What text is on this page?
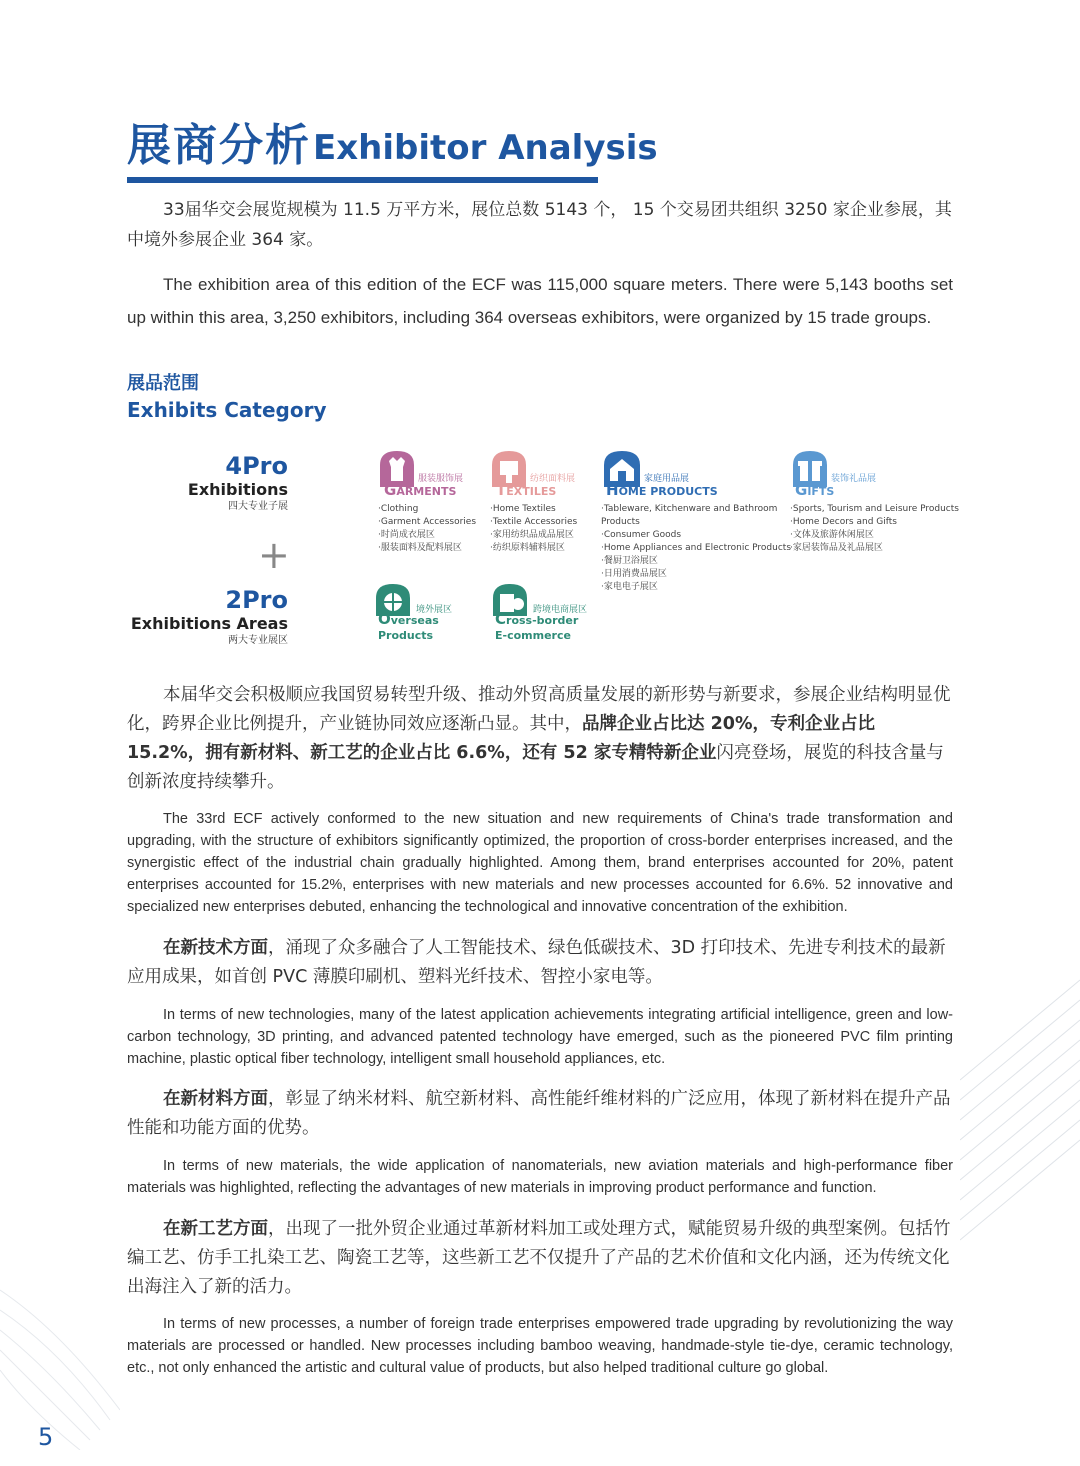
展商分析 Exhibitor Analysis
33届华交会展览规模为 11.5 万平方米，展位总数 5143 个， 15 个交易团共组织 3250 家企业参展，其中境外参展企业 364 家。
The exhibition area of this edition of the ECF was 115,000 square meters. There were 5,143 booths set up within this area, 3,250 exhibitors, including 364 overseas exhibitors, were organized by 15 trade groups.
展品范围
Exhibits Category
4Pro
Exhibitions
四大专业子展
+
2Pro
Exhibitions Areas
两大专业展区
服装服饰展
GARMENTS
·Clothing
·Garment Accessories
·时尚成衣展区
·服装面料及配料展区
纺织面料展
TEXTILES
·Home Textiles
·Textile Accessories
·家用纺织品成品展区
·纺织原料辅料展区
家庭用品展
HOME PRODUCTS
·Tableware, Kitchenware and Bathroom
Products
·Consumer Goods
·Home Appliances and Electronic Products
·餐厨卫浴展区
·日用消费品展区
·家电电子展区
装饰礼品展
GIFTS
·Sports, Tourism and Leisure Products
·Home Decors and Gifts
·文体及旅游休闲展区
·家居装饰品及礼品展区
境外展区
Overseas
Products
跨境电商展区
Cross-border
E-commerce
本届华交会积极顺应我国贸易转型升级、推动外贸高质量发展的新形势与新要求，参展企业结构明显优化，跨界企业比例提升，产业链协同效应逐渐凸显。其中，品牌企业占比达 20%，专利企业占比 15.2%，拥有新材料、新工艺的企业占比 6.6%，还有 52 家专精特新企业闪亮登场，展览的科技含量与创新浓度持续攀升。
The 33rd ECF actively conformed to the new situation and new requirements of China's trade transformation and upgrading, with the structure of exhibitors significantly optimized, the proportion of cross-border enterprises increased, and the synergistic effect of the industrial chain gradually highlighted. Among them, brand enterprises accounted for 20%, patent enterprises accounted for 15.2%, enterprises with new materials and new processes accounted for 6.6%. 52 innovative and specialized new enterprises debuted, enhancing the technological and innovative concentration of the exhibition.
在新技术方面，涌现了众多融合了人工智能技术、绿色低碳技术、3D 打印技术、先进专利技术的最新应用成果，如首创 PVC 薄膜印刷机、塑料光纤技术、智控小家电等。
In terms of new technologies, many of the latest application achievements integrating artificial intelligence, green and low-carbon technology, 3D printing, and advanced patented technology have emerged, such as the pioneered PVC film printing machine, plastic optical fiber technology, intelligent small household appliances, etc.
在新材料方面，彰显了纳米材料、航空新材料、高性能纤维材料的广泛应用，体现了新材料在提升产品性能和功能方面的优势。
In terms of new materials, the wide application of nanomaterials, new aviation materials and high-performance fiber materials was highlighted, reflecting the advantages of new materials in improving product performance and function.
在新工艺方面，出现了一批外贸企业通过革新材料加工或处理方式，赋能贸易升级的典型案例。包括竹编工艺、仿手工扎染工艺、陶瓷工艺等，这些新工艺不仅提升了产品的艺术价值和文化内涵，还为传统文化出海注入了新的活力。
In terms of new processes, a number of foreign trade enterprises empowered trade upgrading by revolutionizing the way materials are processed or handled. New processes including bamboo weaving, handmade-style tie-dye, ceramic technology, etc., not only enhanced the artistic and cultural value of products, but also helped traditional culture go global.
5
